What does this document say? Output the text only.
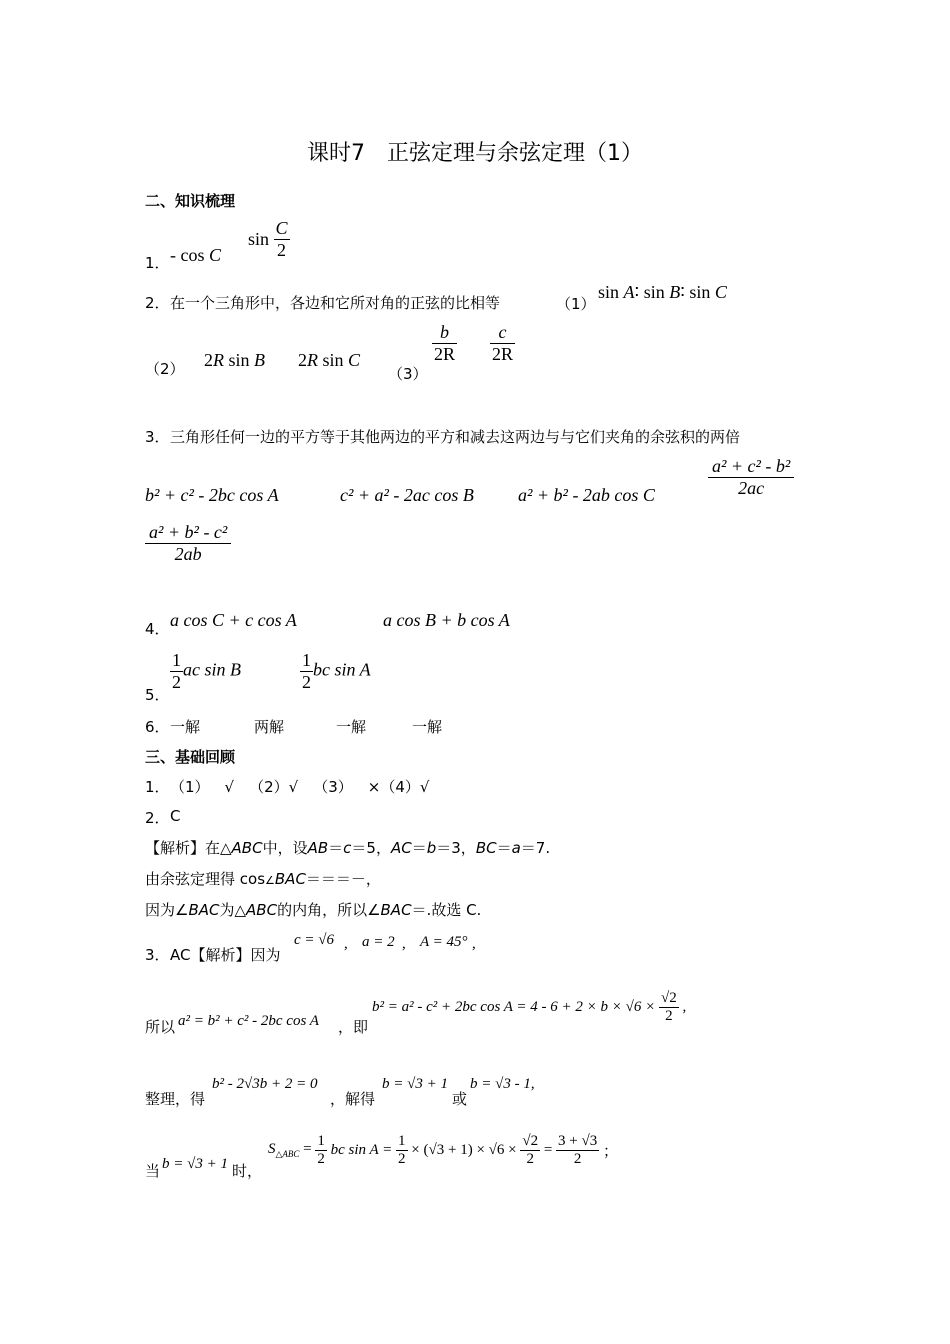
课时7　正弦定理与余弦定理（1）
二、知识梳理
1． - cos C
$\sin \frac{C}{2}$
2． 在一个三角形中，各边和它所对角的正弦的比相等	（1）
sin A∶ sin B∶ sin C
（2） 2R sin B 2R sin C
（3）
$\frac{b}{2R} \frac{c}{2R}$
3． 三角形任何一边的平方等于其他两边的平方和减去这两边与与它们夹角的余弦积的两倍
b² + c² - 2bc cos A	c² + a² - 2ac cos B a² + b² - 2ab cos C	$\frac{\text{a² + c² - b²}}{2ac}$
$\frac{\text{a² + b² - c²}}{2ab}$
4． a cos C + c cos A	a cos B + b cos A
5．
$\frac{1}{2}$ ac sin B	$\frac{1}{2}$ bc sin A
6． 一解	两解	一解	一解
三、基础回顾
1． （1） √ （2）√ （3） ×（4）√
2． C
【解析】在△ABC中，设AB＝c＝5，AC＝b＝3，BC＝a＝7.
由余弦定理得 cos∠BAC＝＝＝－，
因为∠BAC为△ABC的内角，所以∠BAC＝.故选 C.
3． AC【解析】因为
c = √6 , a = 2 , A = 45° ,
所以 a² = b² + c² - 2bc cos A ，即
b² = a² - c² + 2bc $\cos A = 4 - 6 + 2 \times b \times √6 \times \frac{√2}{2}$ ,
整理，得
b² - 2√3b + 2 = 0
，解得
b = √3 + 1
或
b = √3 - 1,
当 b = √3 + 1 时，
$S_{\triangle ABC} = \frac{1}{2}$ bc $\sin A = \frac{1}{2} \times (√3 + 1) \times √6 \times \frac{√2}{2} = \frac{3 + √3}{2}$ ；
